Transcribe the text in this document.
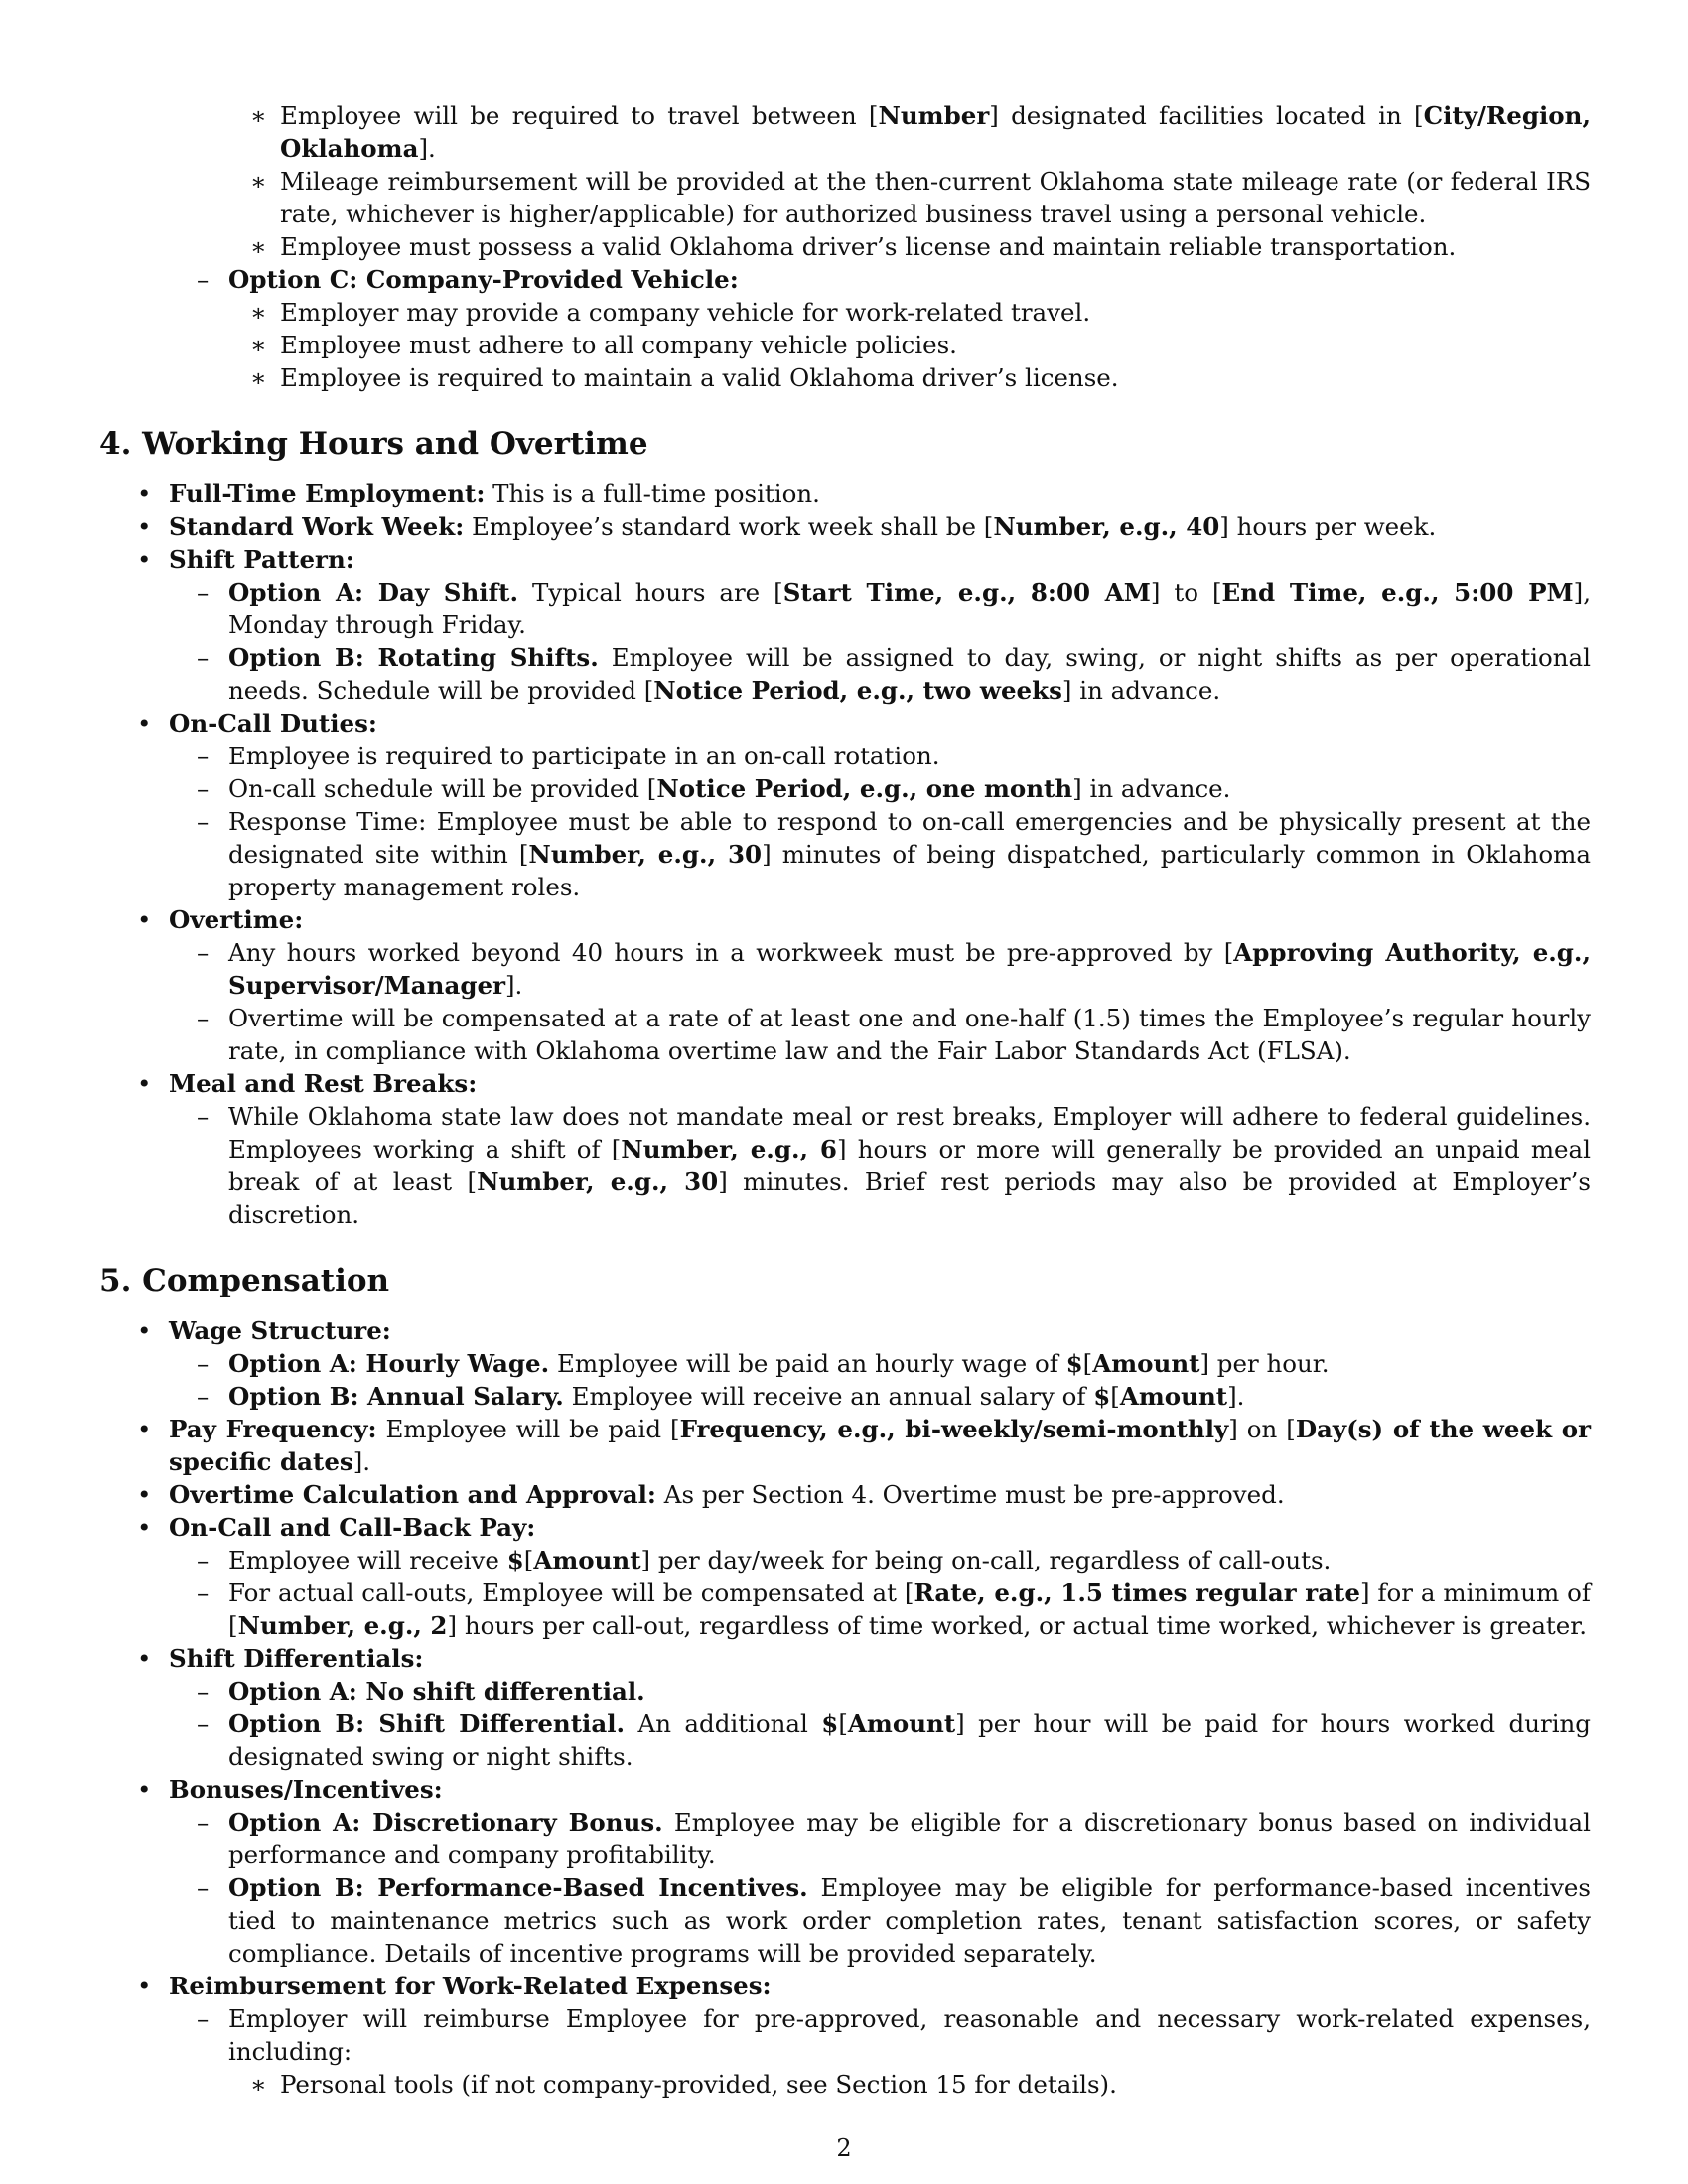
∗ Employee will be required to travel between [Number] designated facilities located in [City/Region, Oklahoma].
∗ Mileage reimbursement will be provided at the then-current Oklahoma state mileage rate (or federal IRS rate, whichever is higher/applicable) for authorized business travel using a personal vehicle.
∗ Employee must possess a valid Oklahoma driver’s license and maintain reliable transportation.
– Option C: Company-Provided Vehicle:
∗ Employer may provide a company vehicle for work-related travel.
∗ Employee must adhere to all company vehicle policies.
∗ Employee is required to maintain a valid Oklahoma driver’s license.
4. Working Hours and Overtime
• Full-Time Employment: This is a full-time position.
• Standard Work Week: Employee’s standard work week shall be [Number, e.g., 40] hours per week.
• Shift Pattern:
– Option A: Day Shift. Typical hours are [Start Time, e.g., 8:00 AM] to [End Time, e.g., 5:00 PM], Monday through Friday.
– Option B: Rotating Shifts. Employee will be assigned to day, swing, or night shifts as per operational needs. Schedule will be provided [Notice Period, e.g., two weeks] in advance.
• On-Call Duties:
– Employee is required to participate in an on-call rotation.
– On-call schedule will be provided [Notice Period, e.g., one month] in advance.
– Response Time: Employee must be able to respond to on-call emergencies and be physically present at the designated site within [Number, e.g., 30] minutes of being dispatched, particularly common in Oklahoma property management roles.
• Overtime:
– Any hours worked beyond 40 hours in a workweek must be pre-approved by [Approving Authority, e.g., Supervisor/Manager].
– Overtime will be compensated at a rate of at least one and one-half (1.5) times the Employee’s regular hourly rate, in compliance with Oklahoma overtime law and the Fair Labor Standards Act (FLSA).
• Meal and Rest Breaks:
– While Oklahoma state law does not mandate meal or rest breaks, Employer will adhere to federal guidelines. Employees working a shift of [Number, e.g., 6] hours or more will generally be provided an unpaid meal break of at least [Number, e.g., 30] minutes. Brief rest periods may also be provided at Employer’s discretion.
5. Compensation
• Wage Structure:
– Option A: Hourly Wage. Employee will be paid an hourly wage of $[Amount] per hour.
– Option B: Annual Salary. Employee will receive an annual salary of $[Amount].
• Pay Frequency: Employee will be paid [Frequency, e.g., bi-weekly/semi-monthly] on [Day(s) of the week or specific dates].
• Overtime Calculation and Approval: As per Section 4. Overtime must be pre-approved.
• On-Call and Call-Back Pay:
– Employee will receive $[Amount] per day/week for being on-call, regardless of call-outs.
– For actual call-outs, Employee will be compensated at [Rate, e.g., 1.5 times regular rate] for a minimum of [Number, e.g., 2] hours per call-out, regardless of time worked, or actual time worked, whichever is greater.
• Shift Differentials:
– Option A: No shift differential.
– Option B: Shift Differential. An additional $[Amount] per hour will be paid for hours worked during designated swing or night shifts.
• Bonuses/Incentives:
– Option A: Discretionary Bonus. Employee may be eligible for a discretionary bonus based on individual performance and company profitability.
– Option B: Performance-Based Incentives. Employee may be eligible for performance-based incentives tied to maintenance metrics such as work order completion rates, tenant satisfaction scores, or safety compliance. Details of incentive programs will be provided separately.
• Reimbursement for Work-Related Expenses:
– Employer will reimburse Employee for pre-approved, reasonable and necessary work-related expenses, including:
∗ Personal tools (if not company-provided, see Section 15 for details).
2
